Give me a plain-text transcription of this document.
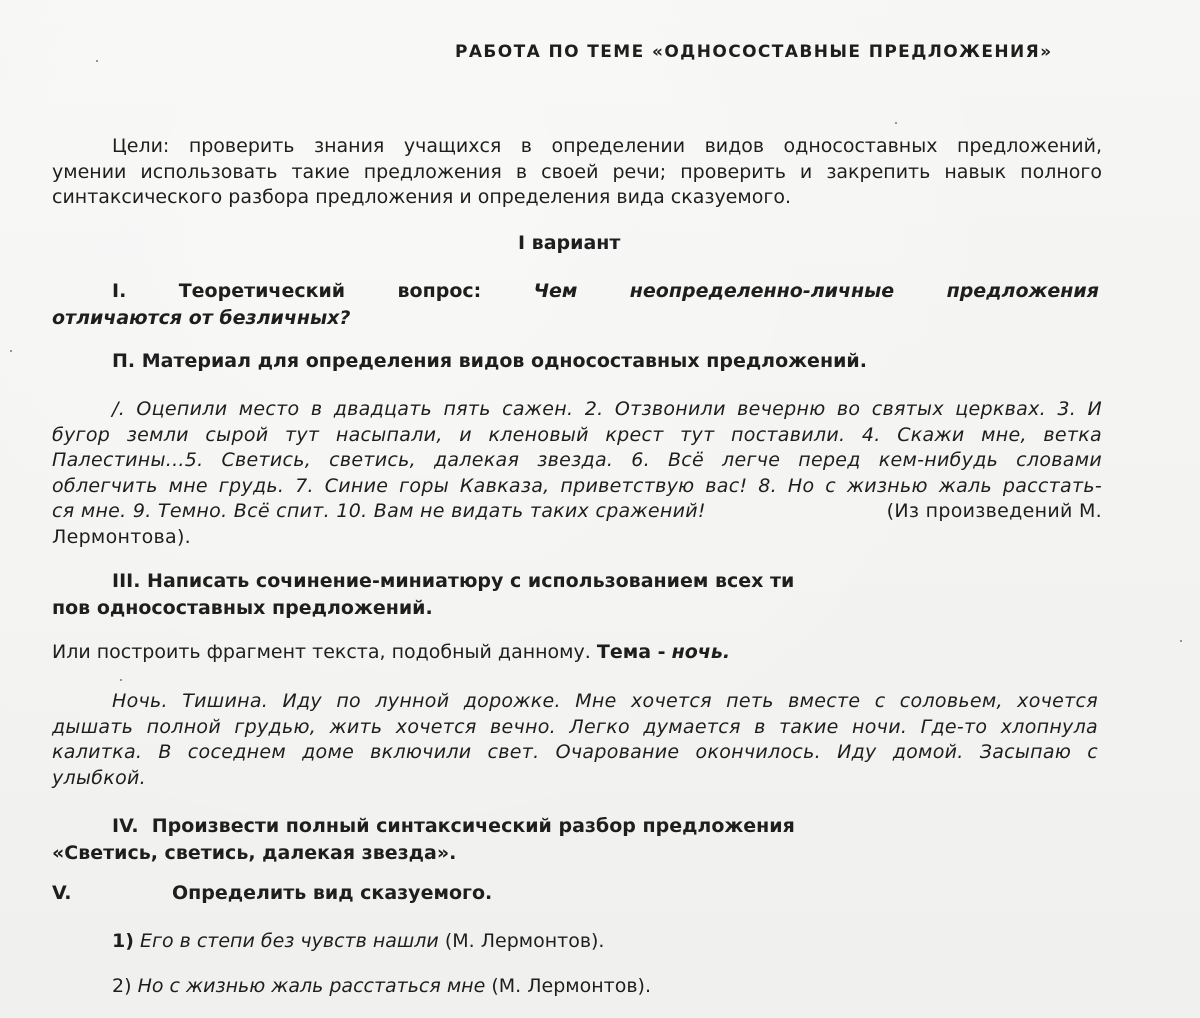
РАБОТА ПО ТЕМЕ «ОДНОСОСТАВНЫЕ ПРЕДЛОЖЕНИЯ»
Цели: проверить знания учащихся в определении видов односоставных предложений,
умении использовать такие предложения в своей речи; проверить и закрепить навык полного
синтаксического разбора предложения и определения вида сказуемого.
I вариант
I.	Теоретический	вопрос:	Чем	неопределенно-личные	предложения
отличаются от безличных?
П. Материал для определения видов односоставных предложений.
/. Оцепили место в двадцать пять сажен. 2. Отзвонили вечерню во святых церквах. 3. И
бугор земли сырой тут насыпали, и кленовый крест тут поставили. 4. Скажи мне, ветка
Палестины...5. Светись, светись, далекая звезда. 6. Всё легче перед кем-нибудь словами
облегчить мне грудь. 7. Синие горы Кавказа, приветствую вас! 8. Но с жизнью жаль расстать-
ся мне. 9. Темно. Всё спит. 10. Вам не видать таких сражений!	(Из произведений М.
Лермонтова).
III. Написать сочинение-миниатюру с использованием всех ти
пов односоставных предложений.
Или построить фрагмент текста, подобный данному. Тема - ночь.
Ночь. Тишина. Иду по лунной дорожке. Мне хочется петь вместе с соловьем, хочется
дышать полной грудью, жить хочется вечно. Легко думается в такие ночи. Где-то хлопнула
калитка. В соседнем доме включили свет. Очарование окончилось. Иду домой. Засыпаю с
улыбкой.
IV.  Произвести полный синтаксический разбор предложения
«Светись, светись, далекая звезда».
V.	Определить вид сказуемого.
1) Его в степи без чувств нашли (М. Лермонтов).
2) Но с жизнью жаль расстаться мне (М. Лермонтов).
